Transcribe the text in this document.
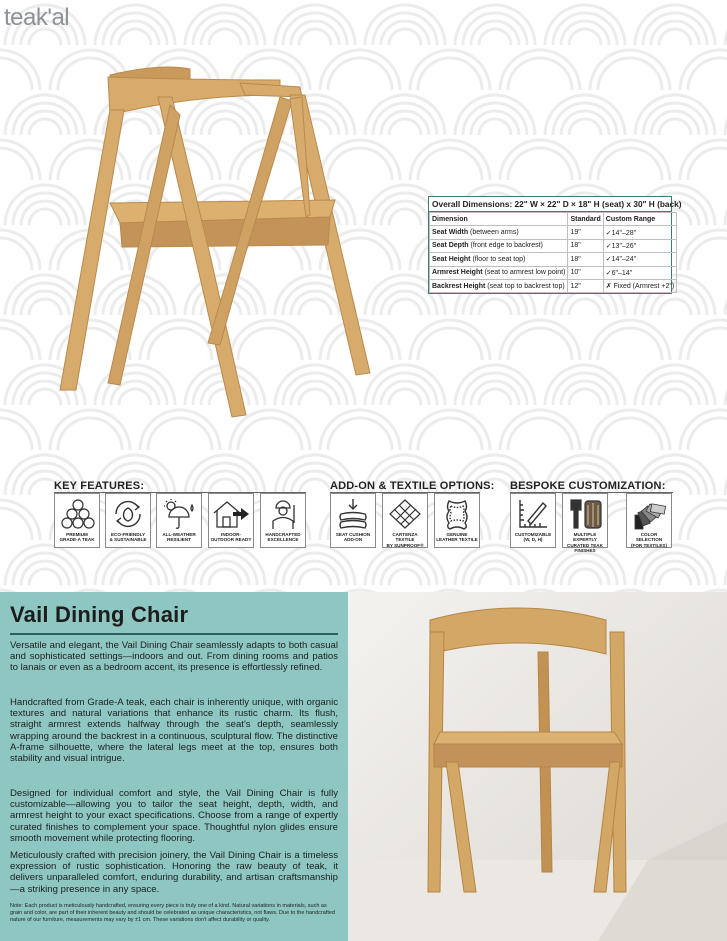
teak'al
Overall Dimensions: 22" W × 22" D × 18" H (seat) x 30" H (back)
Dimension	Standard	Custom Range
Seat Width (between arms)	19"	✓14"–28"
Seat Depth (front edge to backrest)	18"	✓13"–26"
Seat Height (floor to seat top)	18"	✓14"–24"
Armrest Height (seat to armrest low point)	10"	✓6"–14"
Backrest Height (seat top to backrest top)	12"	✗ Fixed (Armrest +2")
KEY FEATURES:	ADD-ON & TEXTILE OPTIONS: BESPOKE CUSTOMIZATION:
PREMIUM
GRADE-A TEAK
ECO-FRIENDLY
& SUSTAINABLE
ALL-WEATHER
RESILIENT
INDOOR-
OUTDOOR READY
HANDCRAFTED
EXCELLENCE
SEAT CUSHION
ADD-ON
CARTENZA TEXTILE
BY SUNPROOF®
GENUINE
LEATHER TEXTILE
CUSTOMIZABLE
(W, D, H)
MULTIPLE EXPERTLY
CURATED TEAK FINISHES
COLOR SELECTION
(FOR TEXTILES)
Vail Dining Chair

Versatile and elegant, the Vail Dining Chair seamlessly adapts to both casual and sophisticated settings—indoors and out. From dining rooms and patios to lanais or even as a bedroom accent, its presence is effortlessly refined.

Handcrafted from Grade-A teak, each chair is inherently unique, with organic textures and natural variations that enhance its rustic charm. Its flush, straight armrest extends halfway through the seat's depth, seamlessly wrapping around the backrest in a continuous, sculptural flow. The distinctive A-frame silhouette, where the lateral legs meet at the top, ensures both stability and visual intrigue.

Designed for individual comfort and style, the Vail Dining Chair is fully customizable—allowing you to tailor the seat height, depth, width, and armrest height to your exact specifications. Choose from a range of expertly curated finishes to complement your space. Thoughtful nylon glides ensure smooth movement while protecting flooring.

Meticulously crafted with precision joinery, the Vail Dining Chair is a timeless expression of rustic sophistication. Honoring the raw beauty of teak, it delivers unparalleled comfort, enduring durability, and artisan craftsmanship—a striking presence in any space.

Note: Each product is meticulously handcrafted, ensuring every piece is truly one of a kind. Natural variations in materials, such as grain and color, are part of their inherent beauty and should be celebrated as unique characteristics, not flaws. Due to the handcrafted nature of our furniture, measurements may vary by ±1 cm. These variations don't affect durability or quality.
